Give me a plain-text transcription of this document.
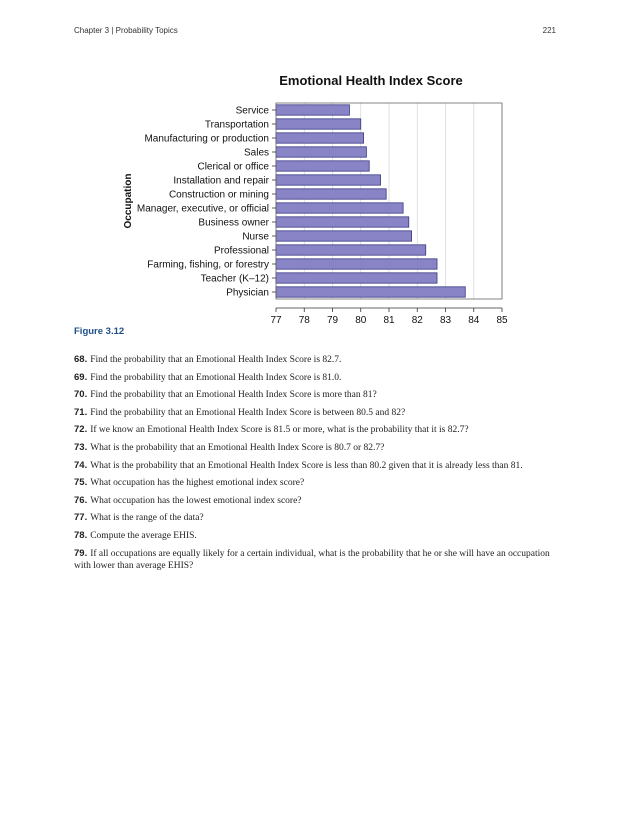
Chapter 3 | Probability Topics	221
Emotional Health Index Score
Service
Transportation
Manufacturing or production
Sales
Clerical or office
Installation and repair
Construction or mining
Manager, executive, or official
Business owner
Nurse
Professional
Farming, fishing, or forestry
Teacher (K–12)
Physician
77 78 79 80 81 82 83 84 85
Occupation
Figure 3.12
68. Find the probability that an Emotional Health Index Score is 82.7.
69. Find the probability that an Emotional Health Index Score is 81.0.
70. Find the probability that an Emotional Health Index Score is more than 81?
71. Find the probability that an Emotional Health Index Score is between 80.5 and 82?
72. If we know an Emotional Health Index Score is 81.5 or more, what is the probability that it is 82.7?
73. What is the probability that an Emotional Health Index Score is 80.7 or 82.7?
74. What is the probability that an Emotional Health Index Score is less than 80.2 given that it is already less than 81.
75. What occupation has the highest emotional index score?
76. What occupation has the lowest emotional index score?
77. What is the range of the data?
78. Compute the average EHIS.
79. If all occupations are equally likely for a certain individual, what is the probability that he or she will have an occupation with lower than average EHIS?
